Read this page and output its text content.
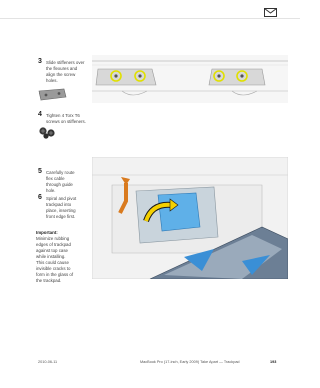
3 Slide stiffeners over the flexures and align the screw holes.
4 Tighten 4 Torx T6 screws on stiffeners.
5 Carefully route flex cable through guide hole.
6 Spiral and pivot trackpad into place, inserting front edge first.
Important: Minimize rubbing edges of trackpad against top case while installing. This could cause invisible cracks to form in the glass of the trackpad.
2010-06-11	MacBook Pro (17-inch, Early 2009) Take Apart — Trackpad	193
